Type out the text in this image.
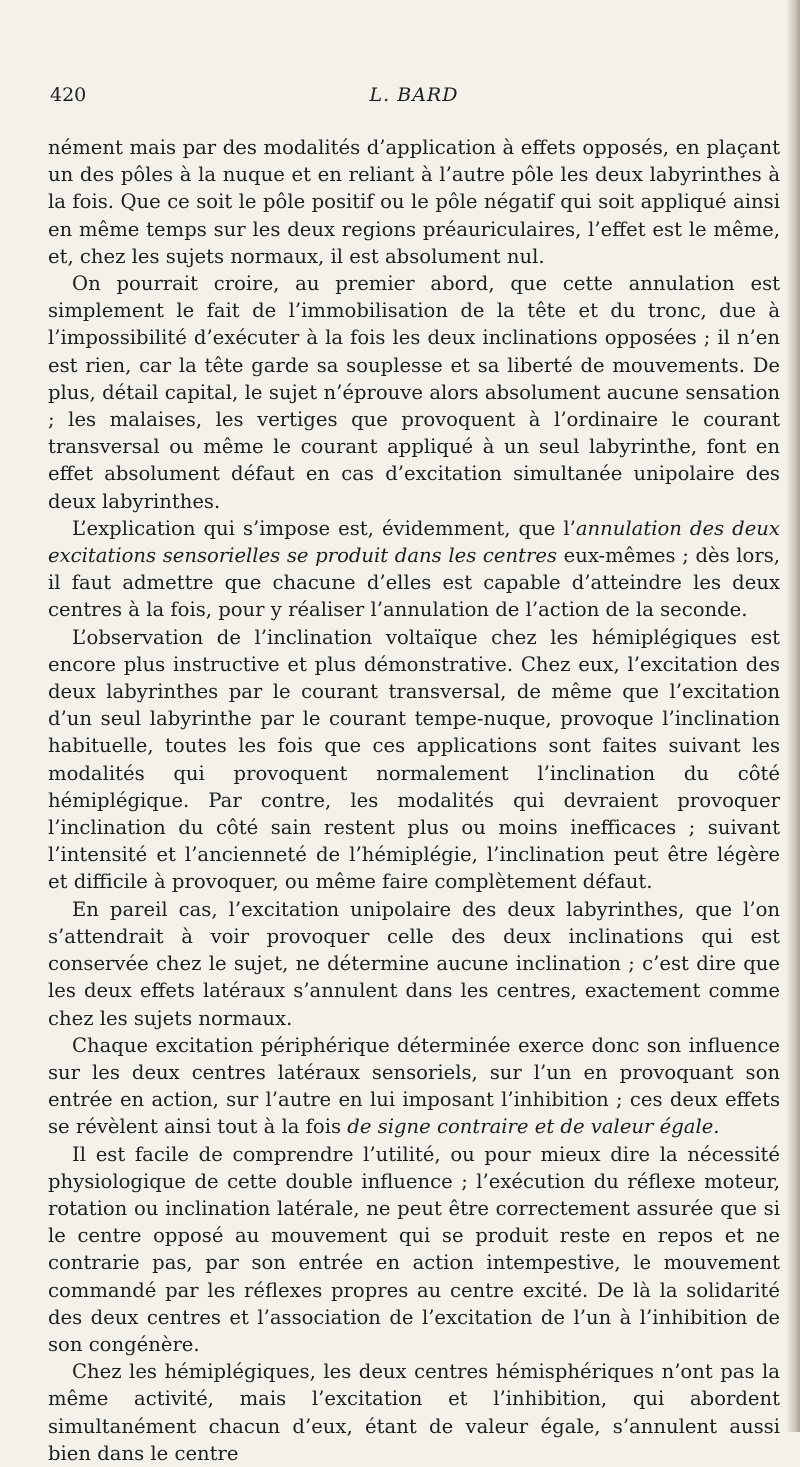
420	L. BARD

nément mais par des modalités d’application à effets opposés, en plaçant un des pôles à la nuque et en reliant à l’autre pôle les deux labyrinthes à la fois. Que ce soit le pôle positif ou le pôle négatif qui soit appliqué ainsi en même temps sur les deux regions préauriculaires, l’effet est le même, et, chez les sujets normaux, il est absolument nul.

On pourrait croire, au premier abord, que cette annulation est simplement le fait de l’immobilisation de la tête et du tronc, due à l’impossibilité d’exécuter à la fois les deux inclinations opposées ; il n’en est rien, car la tête garde sa souplesse et sa liberté de mouvements. De plus, détail capital, le sujet n’éprouve alors absolument aucune sensation ; les malaises, les vertiges que provoquent à l’ordinaire le courant transversal ou même le courant appliqué à un seul labyrinthe, font en effet absolument défaut en cas d’excitation simultanée unipolaire des deux labyrinthes.

L’explication qui s’impose est, évidemment, que l’annulation des deux excitations sensorielles se produit dans les centres eux-mêmes ; dès lors, il faut admettre que chacune d’elles est capable d’atteindre les deux centres à la fois, pour y réaliser l’annulation de l’action de la seconde.

L’observation de l’inclination voltaïque chez les hémiplégiques est encore plus instructive et plus démonstrative. Chez eux, l’excitation des deux labyrinthes par le courant transversal, de même que l’excitation d’un seul labyrinthe par le courant tempe-nuque, provoque l’inclination habituelle, toutes les fois que ces applications sont faites suivant les modalités qui provoquent normalement l’inclination du côté hémiplégique. Par contre, les modalités qui devraient provoquer l’inclination du côté sain restent plus ou moins inefficaces ; suivant l’intensité et l’ancienneté de l’hémiplégie, l’inclination peut être légère et difficile à provoquer, ou même faire complètement défaut.

En pareil cas, l’excitation unipolaire des deux labyrinthes, que l’on s’attendrait à voir provoquer celle des deux inclinations qui est conservée chez le sujet, ne détermine aucune inclination ; c’est dire que les deux effets latéraux s’annulent dans les centres, exactement comme chez les sujets normaux.

Chaque excitation périphérique déterminée exerce donc son influence sur les deux centres latéraux sensoriels, sur l’un en provoquant son entrée en action, sur l’autre en lui imposant l’inhibition ; ces deux effets se révèlent ainsi tout à la fois de signe contraire et de valeur égale.

Il est facile de comprendre l’utilité, ou pour mieux dire la nécessité physiologique de cette double influence ; l’exécution du réflexe moteur, rotation ou inclination latérale, ne peut être correctement assurée que si le centre opposé au mouvement qui se produit reste en repos et ne contrarie pas, par son entrée en action intempestive, le mouvement commandé par les réflexes propres au centre excité. De là la solidarité des deux centres et l’association de l’excitation de l’un à l’inhibition de son congénère.

Chez les hémiplégiques, les deux centres hémisphériques n’ont pas la même activité, mais l’excitation et l’inhibition, qui abordent simultanément chacun d’eux, étant de valeur égale, s’annulent aussi bien dans le centre
